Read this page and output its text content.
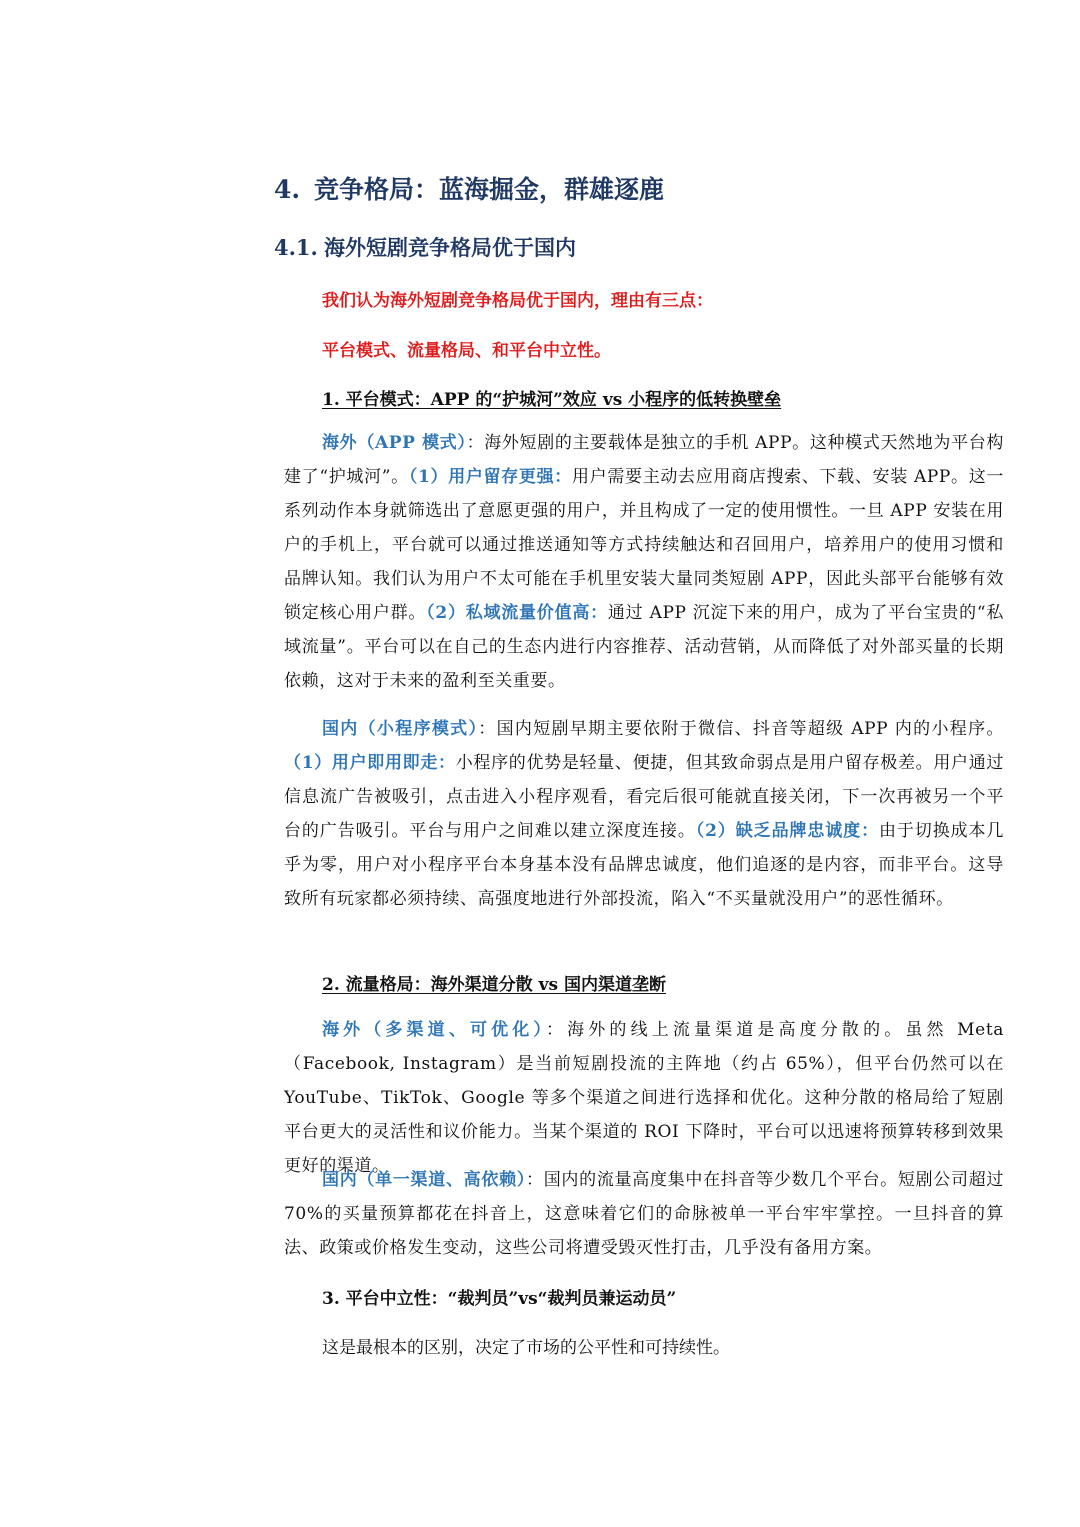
4. 竞争格局：蓝海掘金，群雄逐鹿
4.1. 海外短剧竞争格局优于国内
我们认为海外短剧竞争格局优于国内，理由有三点：
平台模式、流量格局、和平台中立性。
1. 平台模式：APP 的“护城河”效应 vs 小程序的低转换壁垒

海外（APP 模式）：海外短剧的主要载体是独立的手机 APP。这种模式天然地为平台构建了“护城河”。（1）用户留存更强：用户需要主动去应用商店搜索、下载、安装 APP。这一系列动作本身就筛选出了意愿更强的用户，并且构成了一定的使用惯性。一旦 APP 安装在用户的手机上，平台就可以通过推送通知等方式持续触达和召回用户，培养用户的使用习惯和品牌认知。我们认为用户不太可能在手机里安装大量同类短剧 APP，因此头部平台能够有效锁定核心用户群。（2）私域流量价值高：通过 APP 沉淀下来的用户，成为了平台宝贵的“私域流量”。平台可以在自己的生态内进行内容推荐、活动营销，从而降低了对外部买量的长期依赖，这对于未来的盈利至关重要。

国内（小程序模式）：国内短剧早期主要依附于微信、抖音等超级 APP 内的小程序。（1）用户即用即走：小程序的优势是轻量、便捷，但其致命弱点是用户留存极差。用户通过信息流广告被吸引，点击进入小程序观看，看完后很可能就直接关闭，下一次再被另一个平台的广告吸引。平台与用户之间难以建立深度连接。（2）缺乏品牌忠诚度：由于切换成本几乎为零，用户对小程序平台本身基本没有品牌忠诚度，他们追逐的是内容，而非平台。这导致所有玩家都必须持续、高强度地进行外部投流，陷入“不买量就没用户”的恶性循环。

2. 流量格局：海外渠道分散 vs 国内渠道垄断

海外（多渠道、可优化）：海外的线上流量渠道是高度分散的。虽然 Meta（Facebook, Instagram）是当前短剧投流的主阵地（约占 65%），但平台仍然可以在 YouTube、TikTok、Google 等多个渠道之间进行选择和优化。这种分散的格局给了短剧平台更大的灵活性和议价能力。当某个渠道的 ROI 下降时，平台可以迅速将预算转移到效果更好的渠道。

国内（单一渠道、高依赖）：国内的流量高度集中在抖音等少数几个平台。短剧公司超过 70%的买量预算都花在抖音上，这意味着它们的命脉被单一平台牢牢掌控。一旦抖音的算法、政策或价格发生变动，这些公司将遭受毁灭性打击，几乎没有备用方案。

3. 平台中立性：“裁判员”vs“裁判员兼运动员”
这是最根本的区别，决定了市场的公平性和可持续性。
